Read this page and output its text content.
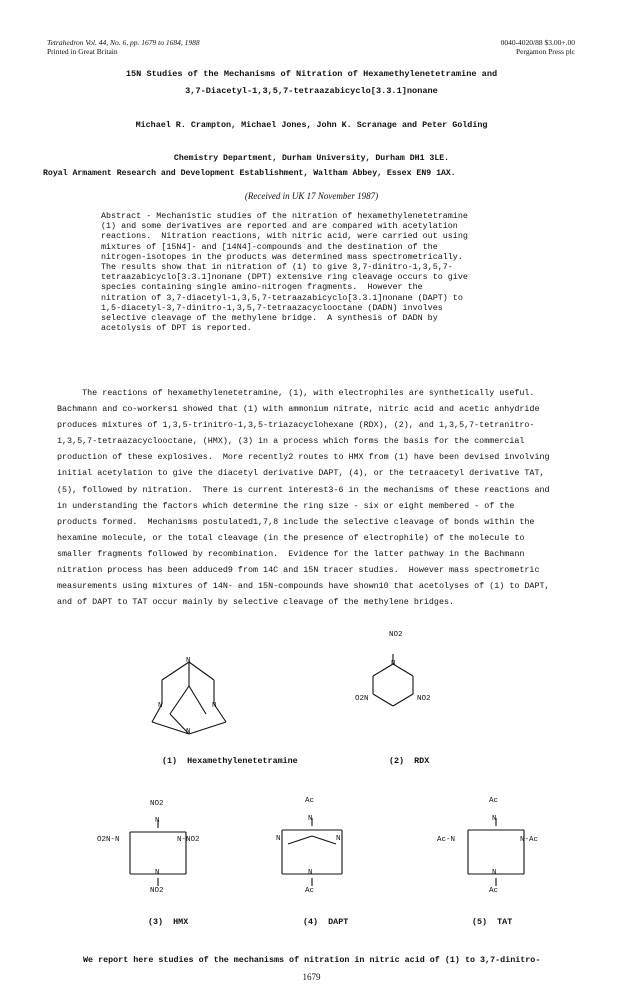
Tetrahedron Vol. 44, No. 6, pp. 1679 to 1684, 1988
Printed in Great Britain
0040-4020/88 $3.00+.00
Pergamon Press plc
15N Studies of the Mechanisms of Nitration of Hexamethylenetetramine and
3,7-Diacetyl-1,3,5,7-tetraazabicyclo[3.3.1]nonane
Michael R. Crampton, Michael Jones, John K. Scranage and Peter Golding
Chemistry Department, Durham University, Durham DH1 3LE.
Royal Armament Research and Development Establishment, Waltham Abbey, Essex EN9 1AX.
(Received in UK 17 November 1987)
Abstract - Mechanistic studies of the nitration of hexamethylenetetramine
(1) and some derivatives are reported and are compared with acetylation
reactions.  Nitration reactions, with nitric acid, were carried out using
mixtures of [15N4]- and [14N4]-compounds and the destination of the
nitrogen-isotopes in the products was determined mass spectrometrically.
The results show that in nitration of (1) to give 3,7-dinitro-1,3,5,7-
tetraazabicyclo[3.3.1]nonane (DPT) extensive ring cleavage occurs to give
species containing single amino-nitrogen fragments.  However the
nitration of 3,7-diacetyl-1,3,5,7-tetraazabicyclo[3.3.1]nonane (DAPT) to
1,5-diacetyl-3,7-dinitro-1,3,5,7-tetraazacyclooctane (DADN) involves
selective cleavage of the methylene bridge.  A synthesis of DADN by
acetolysis of DPT is reported.
The reactions of hexamethylenetetramine, (1), with electrophiles are synthetically useful.
Bachmann and co-workers1 showed that (1) with ammonium nitrate, nitric acid and acetic anhydride
produces mixtures of 1,3,5-trinitro-1,3,5-triazacyclohexane (RDX), (2), and 1,3,5,7-tetranitro-
1,3,5,7-tetraazacyclooctane, (HMX), (3) in a process which forms the basis for the commercial
production of these explosives.  More recently2 routes to HMX from (1) have been devised involving
initial acetylation to give the diacetyl derivative DAPT, (4), or the tetraacetyl derivative TAT,
(5), followed by nitration.  There is current interest3-6 in the mechanisms of these reactions and
in understanding the factors which determine the ring size - six or eight membered - of the
products formed.  Mechanisms postulated1,7,8 include the selective cleavage of bonds within the
hexamine molecule, or the total cleavage (in the presence of electrophile) of the molecule to
smaller fragments followed by recombination.  Evidence for the latter pathway in the Bachmann
nitration process has been adduced9 from 14C and 15N tracer studies.  However mass spectrometric
measurements using mixtures of 14N- and 15N-compounds have shown10 that acetolyses of (1) to DAPT,
and of DAPT to TAT occur mainly by selective cleavage of the methylene bridges.
N
N	N
N
(1) Hexamethylenetetramine
NO2
N
O2N	NO2
(2) RDX
NO2
N
O2N-N	N-NO2
N
NO2
(3) HMX
Ac
N
N	N
N
Ac
(4) DAPT
Ac
N
Ac-N	N-Ac
N
Ac
(5) TAT
We report here studies of the mechanisms of nitration in nitric acid of (1) to 3,7-dinitro-
1679
